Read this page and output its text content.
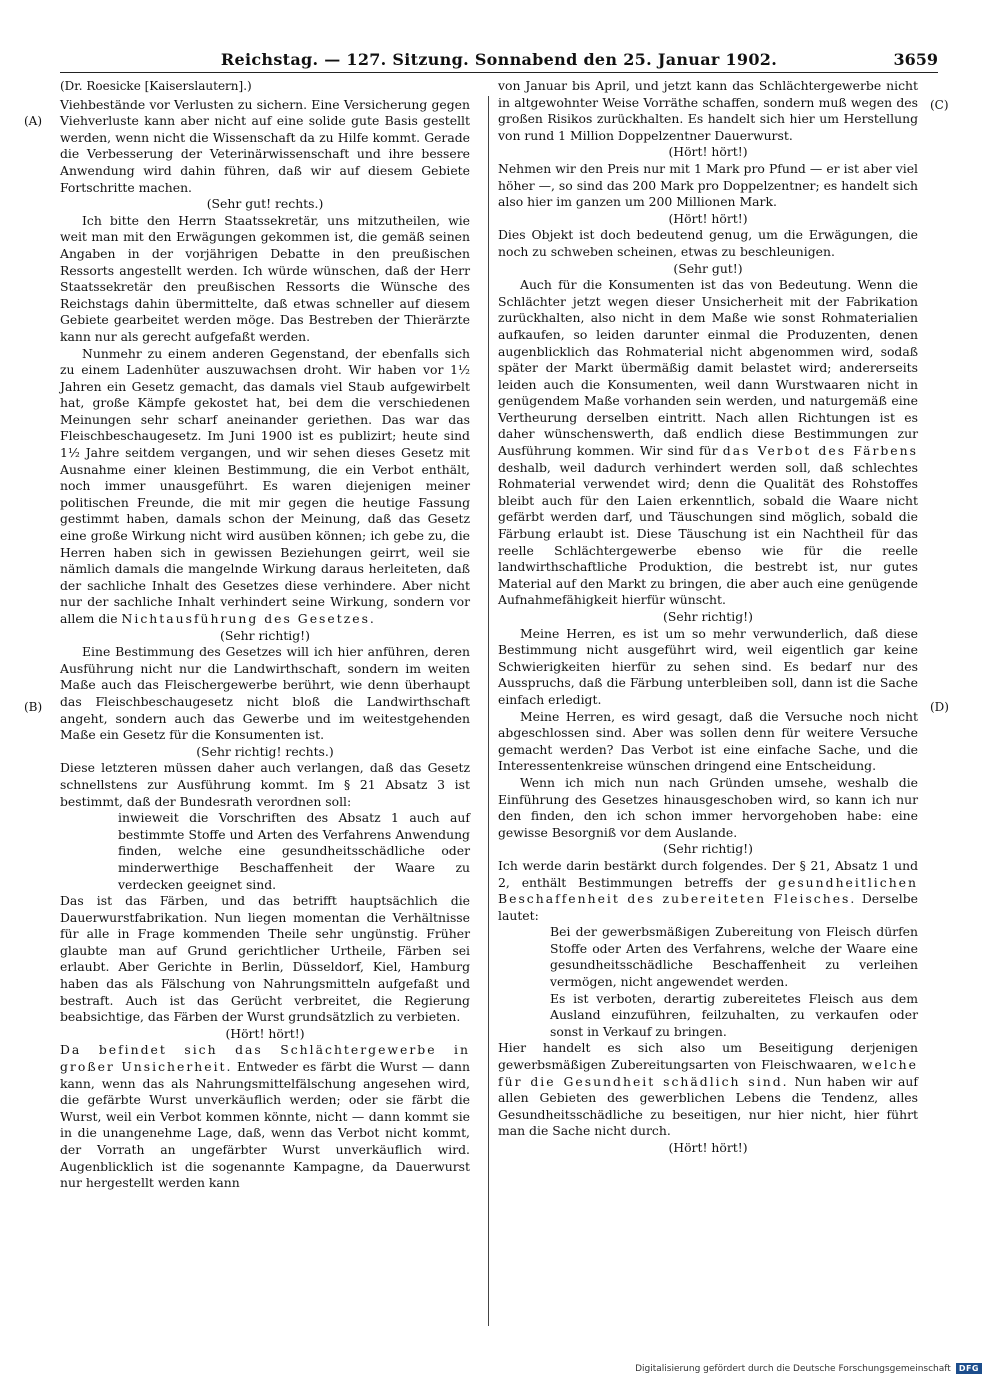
Reichstag. — 127. Sitzung. Sonnabend den 25. Januar 1902.	3659
(A)
(B)
(C)
(D)

(Dr. Roesicke [Kaiserslautern].)

Viehbestände vor Verlusten zu sichern. Eine Versicherung gegen Viehverluste kann aber nicht auf eine solide gute Basis gestellt werden, wenn nicht die Wissenschaft da zu Hilfe kommt. Gerade die Verbesserung der Veterinärwissenschaft und ihre bessere Anwendung wird dahin führen, daß wir auf diesem Gebiete Fortschritte machen.

(Sehr gut! rechts.)

Ich bitte den Herrn Staatssekretär, uns mitzutheilen, wie weit man mit den Erwägungen gekommen ist, die gemäß seinen Angaben in der vorjährigen Debatte in den preußischen Ressorts angestellt werden. Ich würde wünschen, daß der Herr Staatssekretär den preußischen Ressorts die Wünsche des Reichstags dahin übermittelte, daß etwas schneller auf diesem Gebiete gearbeitet werden möge. Das Bestreben der Thierärzte kann nur als gerecht aufgefaßt werden.

Nunmehr zu einem anderen Gegenstand, der ebenfalls sich zu einem Ladenhüter auszuwachsen droht. Wir haben vor 1½ Jahren ein Gesetz gemacht, das damals viel Staub aufgewirbelt hat, große Kämpfe gekostet hat, bei dem die verschiedenen Meinungen sehr scharf aneinander geriethen. Das war das Fleischbeschaugesetz. Im Juni 1900 ist es publizirt; heute sind 1½ Jahre seitdem vergangen, und wir sehen dieses Gesetz mit Ausnahme einer kleinen Bestimmung, die ein Verbot enthält, noch immer unausgeführt. Es waren diejenigen meiner politischen Freunde, die mit mir gegen die heutige Fassung gestimmt haben, damals schon der Meinung, daß das Gesetz eine große Wirkung nicht wird ausüben können; ich gebe zu, die Herren haben sich in gewissen Beziehungen geirrt, weil sie nämlich damals die mangelnde Wirkung daraus herleiteten, daß der sachliche Inhalt des Gesetzes diese verhindere. Aber nicht nur der sachliche Inhalt verhindert seine Wirkung, sondern vor allem die Nichtausführung des Gesetzes.

(Sehr richtig!)

Eine Bestimmung des Gesetzes will ich hier anführen, deren Ausführung nicht nur die Landwirthschaft, sondern im weiten Maße auch das Fleischergewerbe berührt, wie denn überhaupt das Fleischbeschaugesetz nicht bloß die Landwirthschaft angeht, sondern auch das Gewerbe und im weitestgehenden Maße ein Gesetz für die Konsumenten ist.

(Sehr richtig! rechts.)

Diese letzteren müssen daher auch verlangen, daß das Gesetz schnellstens zur Ausführung kommt. Im § 21 Absatz 3 ist bestimmt, daß der Bundesrath verordnen soll:

inwieweit die Vorschriften des Absatz 1 auch auf bestimmte Stoffe und Arten des Verfahrens Anwendung finden, welche eine gesundheitsschädliche oder minderwerthige Beschaffenheit der Waare zu verdecken geeignet sind.

Das ist das Färben, und das betrifft hauptsächlich die Dauerwurstfabrikation. Nun liegen momentan die Verhältnisse für alle in Frage kommenden Theile sehr ungünstig. Früher glaubte man auf Grund gerichtlicher Urtheile, Färben sei erlaubt. Aber Gerichte in Berlin, Düsseldorf, Kiel, Hamburg haben das als Fälschung von Nahrungsmitteln aufgefaßt und bestraft. Auch ist das Gerücht verbreitet, die Regierung beabsichtige, das Färben der Wurst grundsätzlich zu verbieten.

(Hört! hört!)

Da befindet sich das Schlächtergewerbe in großer Unsicherheit. Entweder es färbt die Wurst — dann kann, wenn das als Nahrungsmittelfälschung angesehen wird, die gefärbte Wurst unverkäuflich werden; oder sie färbt die Wurst, weil ein Verbot kommen könnte, nicht — dann kommt sie in die unangenehme Lage, daß, wenn das Verbot nicht kommt, der Vorrath an ungefärbter Wurst unverkäuflich wird. Augenblicklich ist die sogenannte Kampagne, da Dauerwurst nur hergestellt werden kann

von Januar bis April, und jetzt kann das Schlächtergewerbe nicht in altgewohnter Weise Vorräthe schaffen, sondern muß wegen des großen Risikos zurückhalten. Es handelt sich hier um Herstellung von rund 1 Million Doppelzentner Dauerwurst.

(Hört! hört!)

Nehmen wir den Preis nur mit 1 Mark pro Pfund — er ist aber viel höher —, so sind das 200 Mark pro Doppelzentner; es handelt sich also hier im ganzen um 200 Millionen Mark.

(Hört! hört!)

Dies Objekt ist doch bedeutend genug, um die Erwägungen, die noch zu schweben scheinen, etwas zu beschleunigen.

(Sehr gut!)

Auch für die Konsumenten ist das von Bedeutung. Wenn die Schlächter jetzt wegen dieser Unsicherheit mit der Fabrikation zurückhalten, also nicht in dem Maße wie sonst Rohmaterialien aufkaufen, so leiden darunter einmal die Produzenten, denen augenblicklich das Rohmaterial nicht abgenommen wird, sodaß später der Markt übermäßig damit belastet wird; andererseits leiden auch die Konsumenten, weil dann Wurstwaaren nicht in genügendem Maße vorhanden sein werden, und naturgemäß eine Vertheurung derselben eintritt. Nach allen Richtungen ist es daher wünschenswerth, daß endlich diese Bestimmungen zur Ausführung kommen. Wir sind für das Verbot des Färbens deshalb, weil dadurch verhindert werden soll, daß schlechtes Rohmaterial verwendet wird; denn die Qualität des Rohstoffes bleibt auch für den Laien erkenntlich, sobald die Waare nicht gefärbt werden darf, und Täuschungen sind möglich, sobald die Färbung erlaubt ist. Diese Täuschung ist ein Nachtheil für das reelle Schlächtergewerbe ebenso wie für die reelle landwirthschaftliche Produktion, die bestrebt ist, nur gutes Material auf den Markt zu bringen, die aber auch eine genügende Aufnahmefähigkeit hierfür wünscht.

(Sehr richtig!)

Meine Herren, es ist um so mehr verwunderlich, daß diese Bestimmung nicht ausgeführt wird, weil eigentlich gar keine Schwierigkeiten hierfür zu sehen sind. Es bedarf nur des Ausspruchs, daß die Färbung unterbleiben soll, dann ist die Sache einfach erledigt.

Meine Herren, es wird gesagt, daß die Versuche noch nicht abgeschlossen sind. Aber was sollen denn für weitere Versuche gemacht werden? Das Verbot ist eine einfache Sache, und die Interessentenkreise wünschen dringend eine Entscheidung.

Wenn ich mich nun nach Gründen umsehe, weshalb die Einführung des Gesetzes hinausgeschoben wird, so kann ich nur den finden, den ich schon immer hervorgehoben habe: eine gewisse Besorgniß vor dem Auslande.

(Sehr richtig!)

Ich werde darin bestärkt durch folgendes. Der § 21, Absatz 1 und 2, enthält Bestimmungen betreffs der gesundheitlichen Beschaffenheit des zubereiteten Fleisches. Derselbe lautet:

Bei der gewerbsmäßigen Zubereitung von Fleisch dürfen Stoffe oder Arten des Verfahrens, welche der Waare eine gesundheitsschädliche Beschaffenheit zu verleihen vermögen, nicht angewendet werden.

Es ist verboten, derartig zubereitetes Fleisch aus dem Ausland einzuführen, feilzuhalten, zu verkaufen oder sonst in Verkauf zu bringen.

Hier handelt es sich also um Beseitigung derjenigen gewerbsmäßigen Zubereitungsarten von Fleischwaaren, welche für die Gesundheit schädlich sind. Nun haben wir auf allen Gebieten des gewerblichen Lebens die Tendenz, alles Gesundheitsschädliche zu beseitigen, nur hier nicht, hier führt man die Sache nicht durch.

(Hört! hört!)

Digitalisierung gefördert durch die Deutsche Forschungsgemeinschaft	DFG
